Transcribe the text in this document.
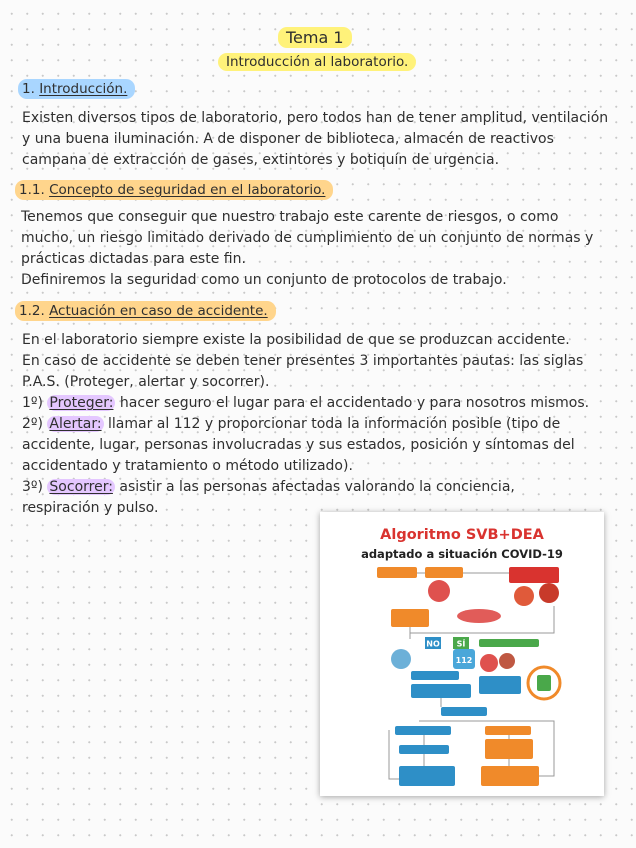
Tema 1
Introducción al laboratorio.
1. Introducción.

Existen diversos tipos de laboratorio, pero todos han de tener amplitud, ventilación

y una buena iluminación. A de disponer de biblioteca, almacén de reactivos

campana de extracción de gases, extintores y botiquín de urgencia.

1.1. Concepto de seguridad en el laboratorio.

Tenemos que conseguir que nuestro trabajo este carente de riesgos, o como

mucho, un riesgo limitado derivado de cumplimiento de un conjunto de normas y

prácticas dictadas para este fin.

Definiremos la seguridad como un conjunto de protocolos de trabajo.

1.2. Actuación en caso de accidente.

En el laboratorio siempre existe la posibilidad de que se produzcan accidente.

En caso de accidente se deben tener presentes 3 importantes pautas: las siglas

P.A.S. (Proteger, alertar y socorrer).

1º) Proteger: hacer seguro el lugar para el accidentado y para nosotros mismos.

2º) Alertar: llamar al 112 y proporcionar toda la información posible (tipo de

accidente, lugar, personas involucradas y sus estados, posición y síntomas del

accidentado y tratamiento o método utilizado).

3º) Socorrer: asistir a las personas afectadas valorando la conciencia,

respiración y pulso.

Algoritmo SVB+DEA
adaptado a situación COVID-19
NO SÍ
112
